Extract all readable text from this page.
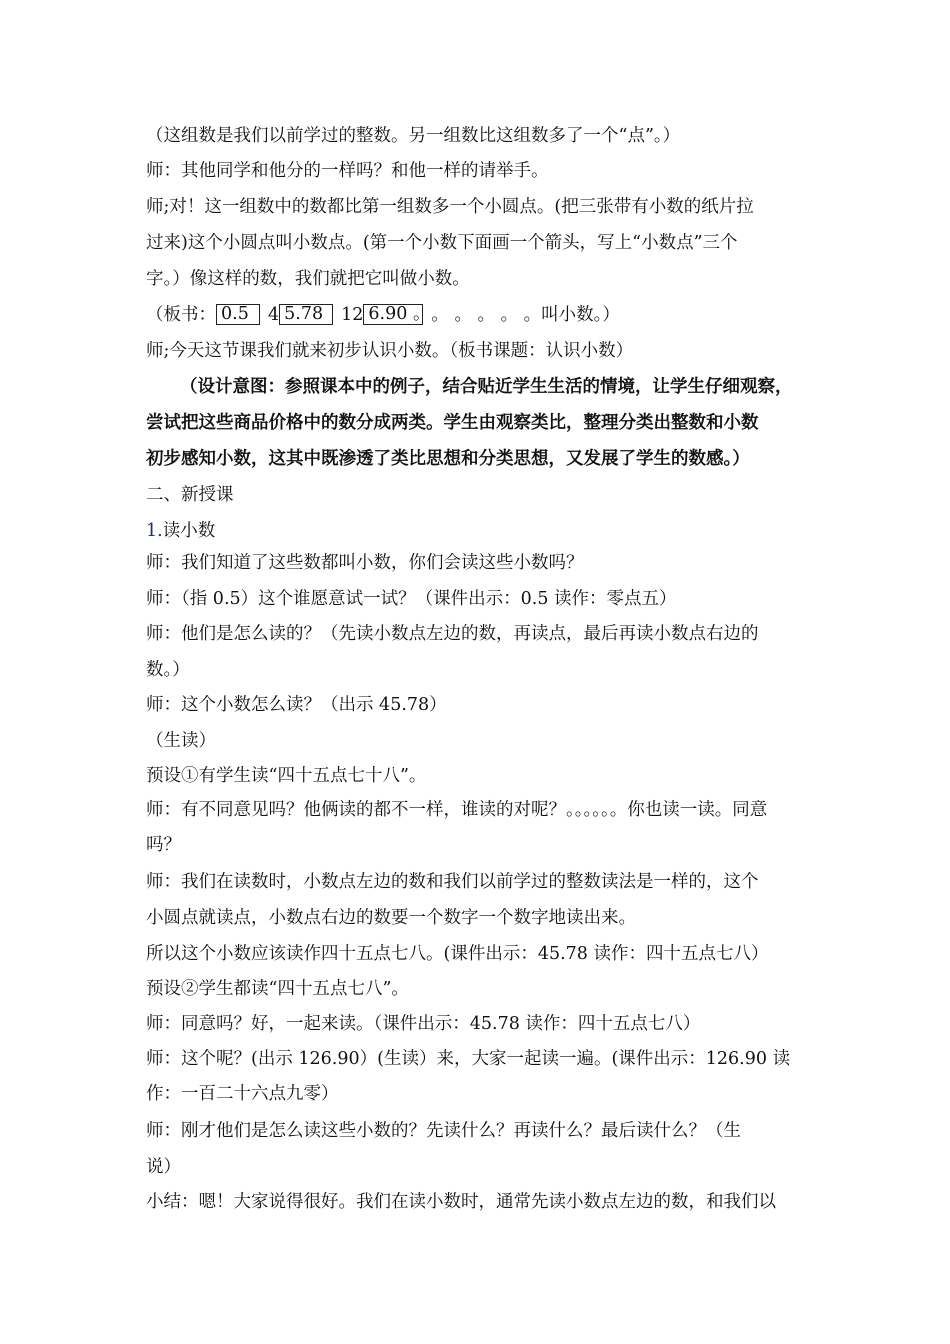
（这组数是我们以前学过的整数。另一组数比这组数多了一个“点”。）
师：其他同学和他分的一样吗？和他一样的请举手。
师;对！这一组数中的数都比第一组数多一个小圆点。(把三张带有小数的纸片拉
过来)这个小圆点叫小数点。(第一个小数下面画一个箭头，写上“小数点”三个
字。）像这样的数，我们就把它叫做小数。
（板书： 0.5 4 5.78 12 6.90 。。 。 。 。 。叫小数。）
师;今天这节课我们就来初步认识小数。（板书课题：认识小数）
（设计意图：参照课本中的例子，结合贴近学生生活的情境，让学生仔细观察，
尝试把这些商品价格中的数分成两类。学生由观察类比，整理分类出整数和小数
初步感知小数，这其中既渗透了类比思想和分类思想，又发展了学生的数感。）
二、新授课
1.读小数
师：我们知道了这些数都叫小数，你们会读这些小数吗？
师：（指 0.5）这个谁愿意试一试？（课件出示：0.5 读作：零点五）
师：他们是怎么读的？（先读小数点左边的数，再读点，最后再读小数点右边的
数。）
师：这个小数怎么读？（出示 45.78）
（生读）
预设①有学生读“四十五点七十八”。
师：有不同意见吗？他俩读的都不一样，谁读的对呢？。。。。。。你也读一读。同意
吗？
师：我们在读数时，小数点左边的数和我们以前学过的整数读法是一样的，这个
小圆点就读点，小数点右边的数要一个数字一个数字地读出来。
所以这个小数应该读作四十五点七八。(课件出示：45.78 读作：四十五点七八）
预设②学生都读“四十五点七八”。
师：同意吗？好，一起来读。（课件出示：45.78 读作：四十五点七八）
师：这个呢？(出示 126.90）(生读）来，大家一起读一遍。(课件出示：126.90 读
作：一百二十六点九零）
师：刚才他们是怎么读这些小数的？先读什么？再读什么？最后读什么？（生
说）
小结：嗯！大家说得很好。我们在读小数时，通常先读小数点左边的数，和我们以
